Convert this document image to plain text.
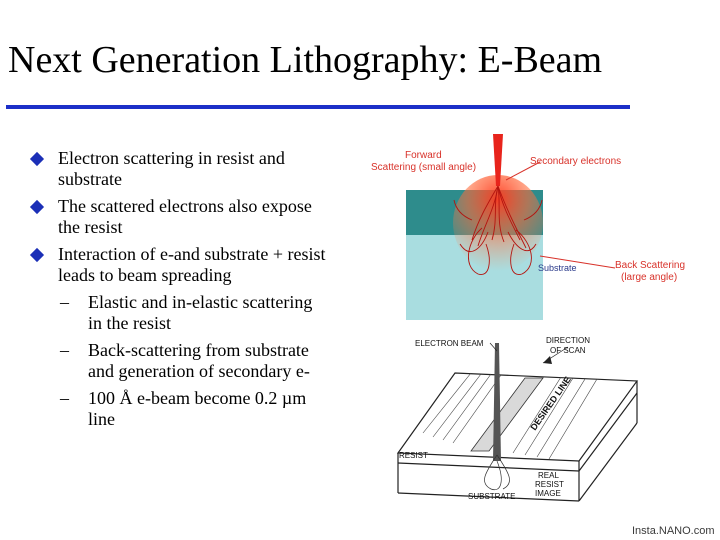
Next Generation Lithography: E-Beam
Electron scattering in resist and substrate
The scattered electrons also expose the resist
Interaction of e-and substrate + resist leads to beam spreading
– Elastic and in-elastic scattering in the resist
– Back-scattering from substrate and generation of secondary e-
– 100 Å e-beam become 0.2 µm line
Forward
Scattering (small angle)
Secondary electrons
Resist
Substrate	Back Scattering
(large angle)
ELECTRON BEAM	DIRECTION
OF SCAN
DESIRED LINE
RESIST
REAL
RESIST
IMAGE
SUBSTRATE
Insta.NANO.com
